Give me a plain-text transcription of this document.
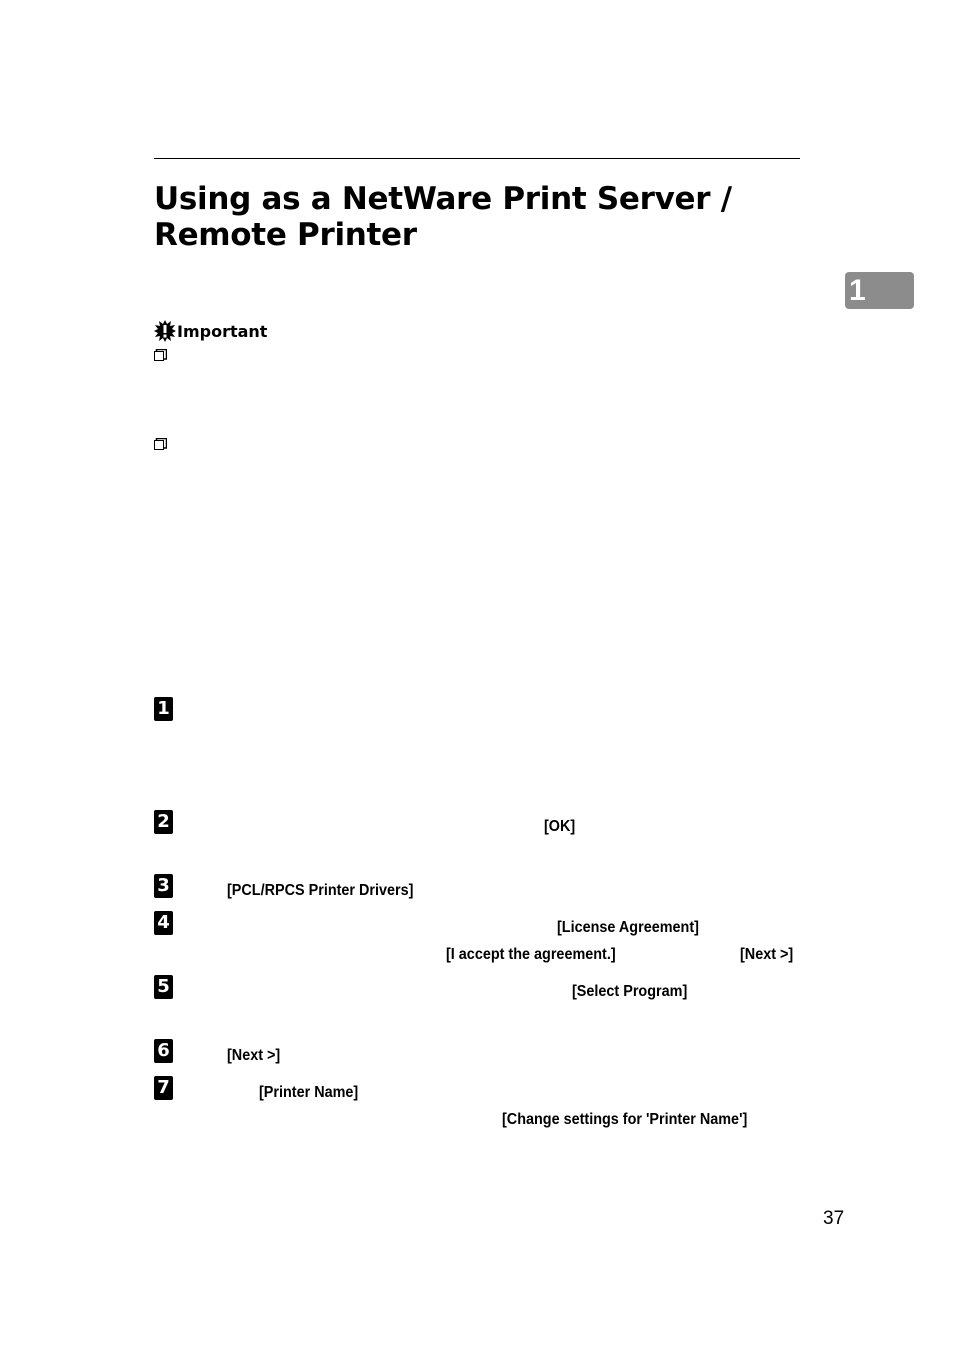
Using as a NetWare Print Server / Remote Printer
1
Important
1
2
3
4
5
6
7
[OK]
[PCL/RPCS Printer Drivers]
[License Agreement]
[I accept the agreement.]	[Next >]
[Select Program]
[Next >]
[Printer Name]
[Change settings for 'Printer Name']
37
